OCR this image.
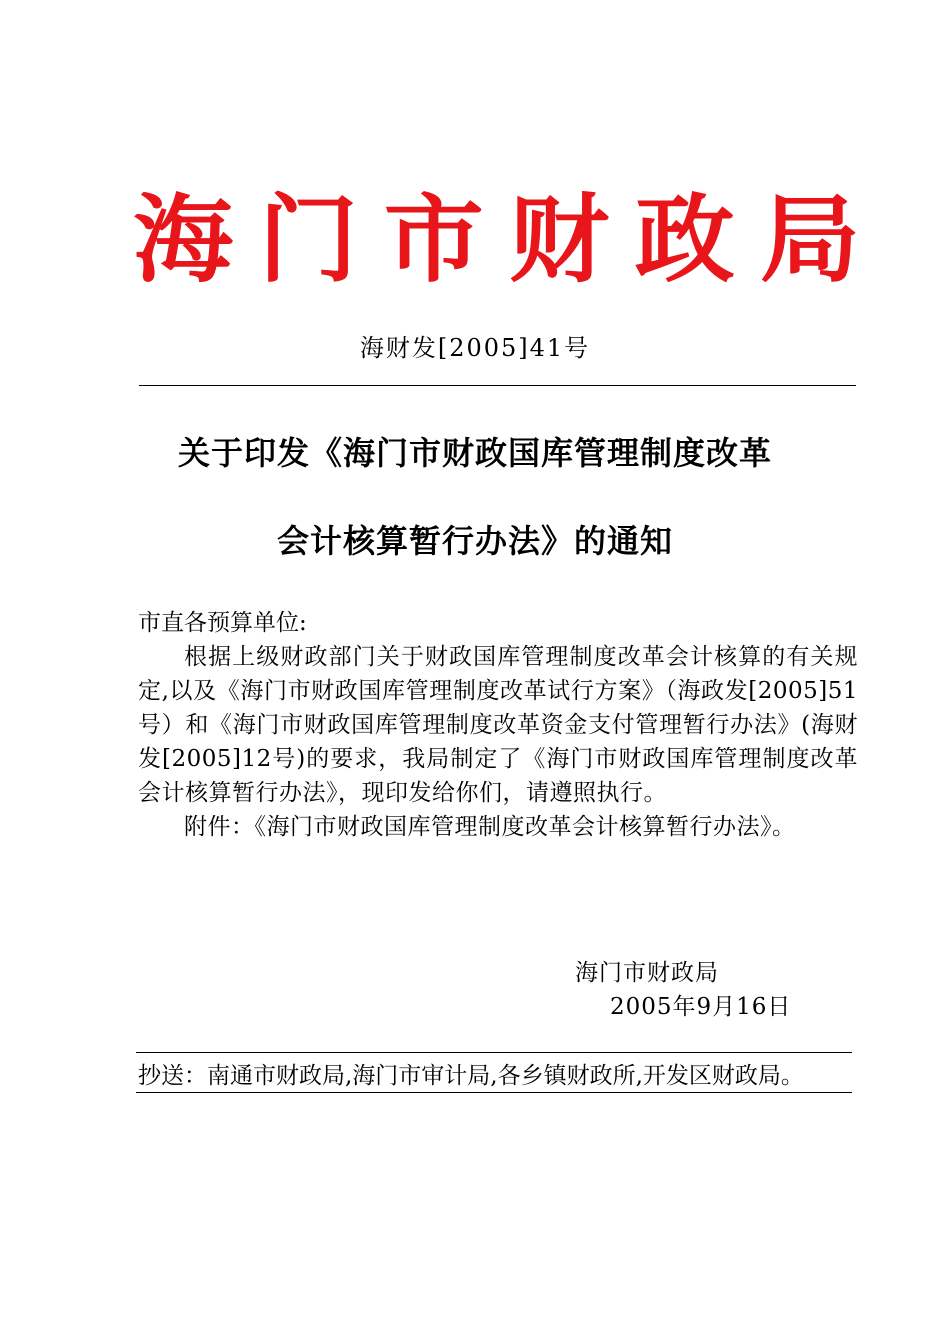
海 门 市 财 政 局
海财发[2005]41号
关于印发《海门市财政国库管理制度改革
会计核算暂行办法》的通知
市直各预算单位:
根据上级财政部门关于财政国库管理制度改革会计核算的有关规定,以及《海门市财政国库管理制度改革试行方案》（海政发[2005]51号）和《海门市财政国库管理制度改革资金支付管理暂行办法》(海财发[2005]12号)的要求，我局制定了《海门市财政国库管理制度改革会计核算暂行办法》，现印发给你们，请遵照执行。
附件：《海门市财政国库管理制度改革会计核算暂行办法》。
海门市财政局
2005年9月16日
抄送：南通市财政局,海门市审计局,各乡镇财政所,开发区财政局。
